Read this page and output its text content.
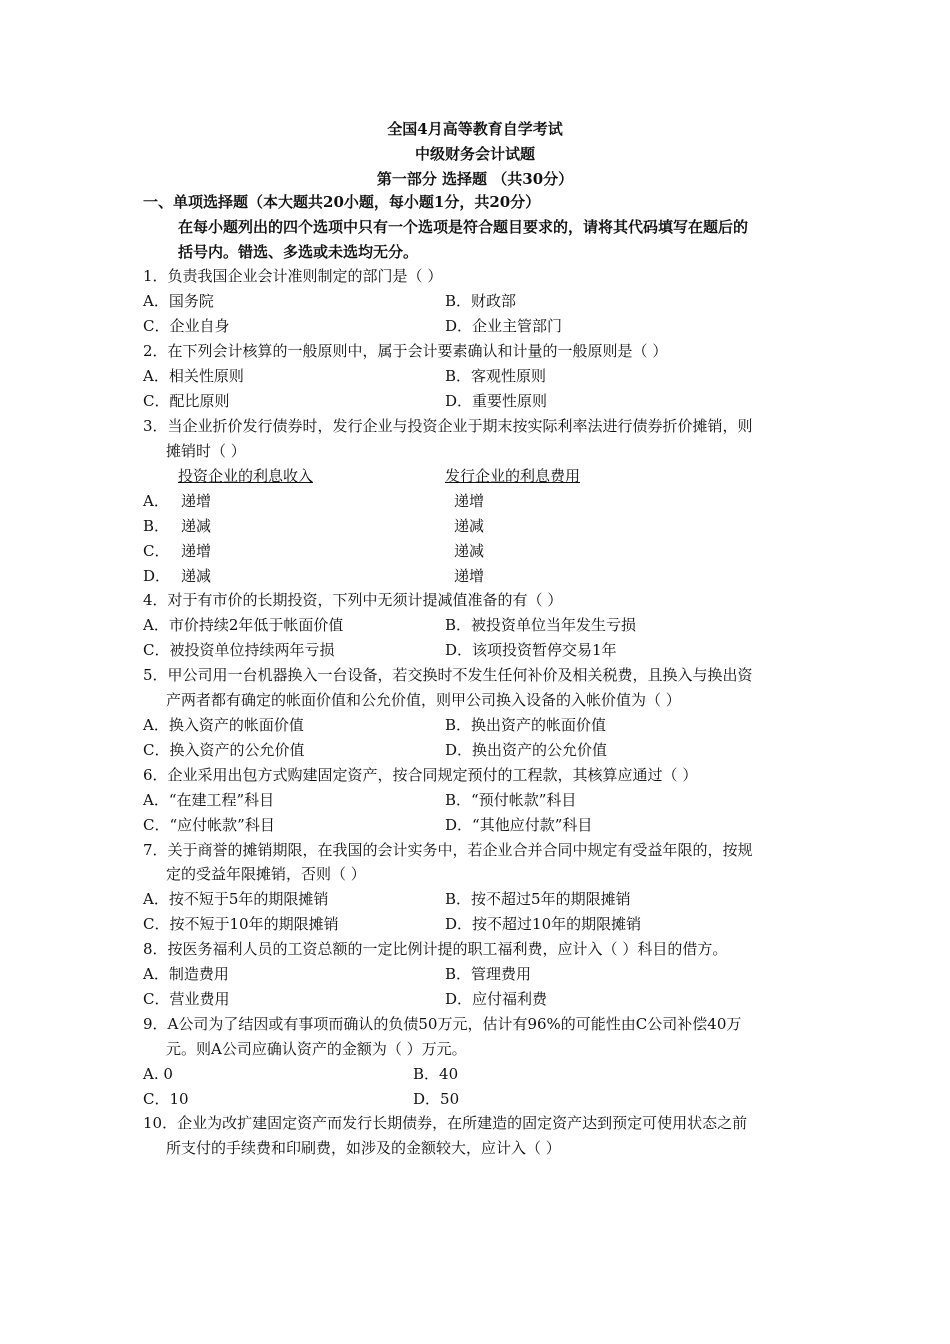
全国4月高等教育自学考试
中级财务会计试题
第一部分 选择题 （共30分）
一、单项选择题（本大题共20小题，每小题1分，共20分）
在每小题列出的四个选项中只有一个选项是符合题目要求的，请将其代码填写在题后的
括号内。错选、多选或未选均无分。
1．负责我国企业会计准则制定的部门是（ ）
A．国务院	B．财政部
C．企业自身	D．企业主管部门
2．在下列会计核算的一般原则中，属于会计要素确认和计量的一般原则是（ ）
A．相关性原则	B．客观性原则
C．配比原则	D．重要性原则
3．当企业折价发行债券时，发行企业与投资企业于期末按实际利率法进行债券折价摊销，则
摊销时（ ）
投资企业的利息收入	发行企业的利息费用
A． 递增	递增
B． 递减	递减
C． 递增	递减
D． 递减	递增
4．对于有市价的长期投资，下列中无须计提减值准备的有（ ）
A．市价持续2年低于帐面价值	B．被投资单位当年发生亏损
C．被投资单位持续两年亏损	D．该项投资暂停交易1年
5．甲公司用一台机器换入一台设备，若交换时不发生任何补价及相关税费，且换入与换出资
产两者都有确定的帐面价值和公允价值，则甲公司换入设备的入帐价值为（ ）
A．换入资产的帐面价值	B．换出资产的帐面价值
C．换入资产的公允价值	D．换出资产的公允价值
6．企业采用出包方式购建固定资产，按合同规定预付的工程款，其核算应通过（ ）
A．“在建工程”科目	B．“预付帐款”科目
C．“应付帐款”科目	D．“其他应付款”科目
7．关于商誉的摊销期限，在我国的会计实务中，若企业合并合同中规定有受益年限的，按规
定的受益年限摊销，否则（ ）
A．按不短于5年的期限摊销	B．按不超过5年的期限摊销
C．按不短于10年的期限摊销	D．按不超过10年的期限摊销
8．按医务福利人员的工资总额的一定比例计提的职工福利费，应计入（ ）科目的借方。
A．制造费用	B．管理费用
C．营业费用	D．应付福利费
9．A公司为了结因或有事项而确认的负债50万元，估计有96%的可能性由C公司补偿40万
元。则A公司应确认资产的金额为（ ）万元。
A. 0	B．40
C．10	D．50
10．企业为改扩建固定资产而发行长期债券，在所建造的固定资产达到预定可使用状态之前
所支付的手续费和印刷费，如涉及的金额较大，应计入（ ）
